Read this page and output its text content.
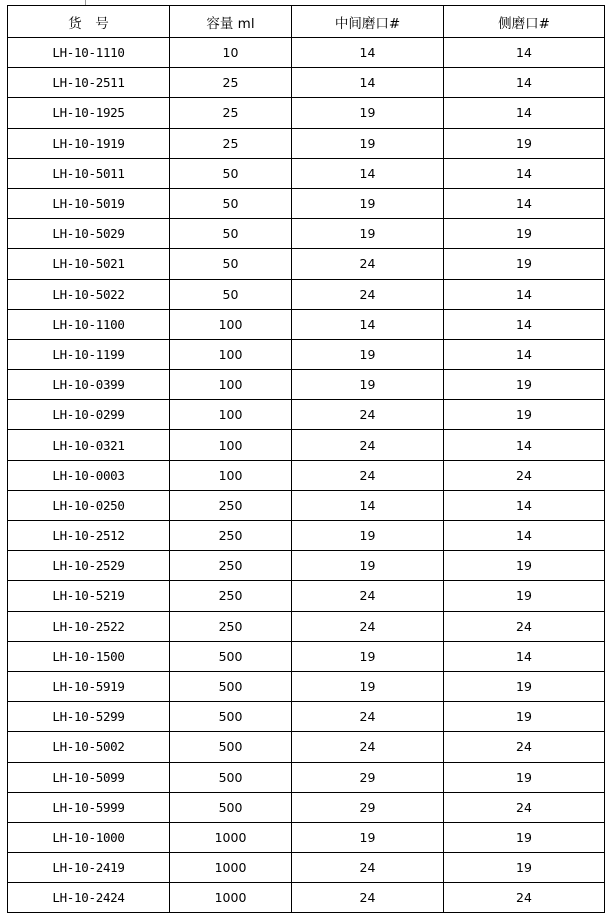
货　号	容量 ml	中间磨口#	侧磨口#
LH-10-1110	10	14	14
LH-10-2511	25	14	14
LH-10-1925	25	19	14
LH-10-1919	25	19	19
LH-10-5011	50	14	14
LH-10-5019	50	19	14
LH-10-5029	50	19	19
LH-10-5021	50	24	19
LH-10-5022	50	24	14
LH-10-1100	100	14	14
LH-10-1199	100	19	14
LH-10-0399	100	19	19
LH-10-0299	100	24	19
LH-10-0321	100	24	14
LH-10-0003	100	24	24
LH-10-0250	250	14	14
LH-10-2512	250	19	14
LH-10-2529	250	19	19
LH-10-5219	250	24	19
LH-10-2522	250	24	24
LH-10-1500	500	19	14
LH-10-5919	500	19	19
LH-10-5299	500	24	19
LH-10-5002	500	24	24
LH-10-5099	500	29	19
LH-10-5999	500	29	24
LH-10-1000	1000	19	19
LH-10-2419	1000	24	19
LH-10-2424	1000	24	24
